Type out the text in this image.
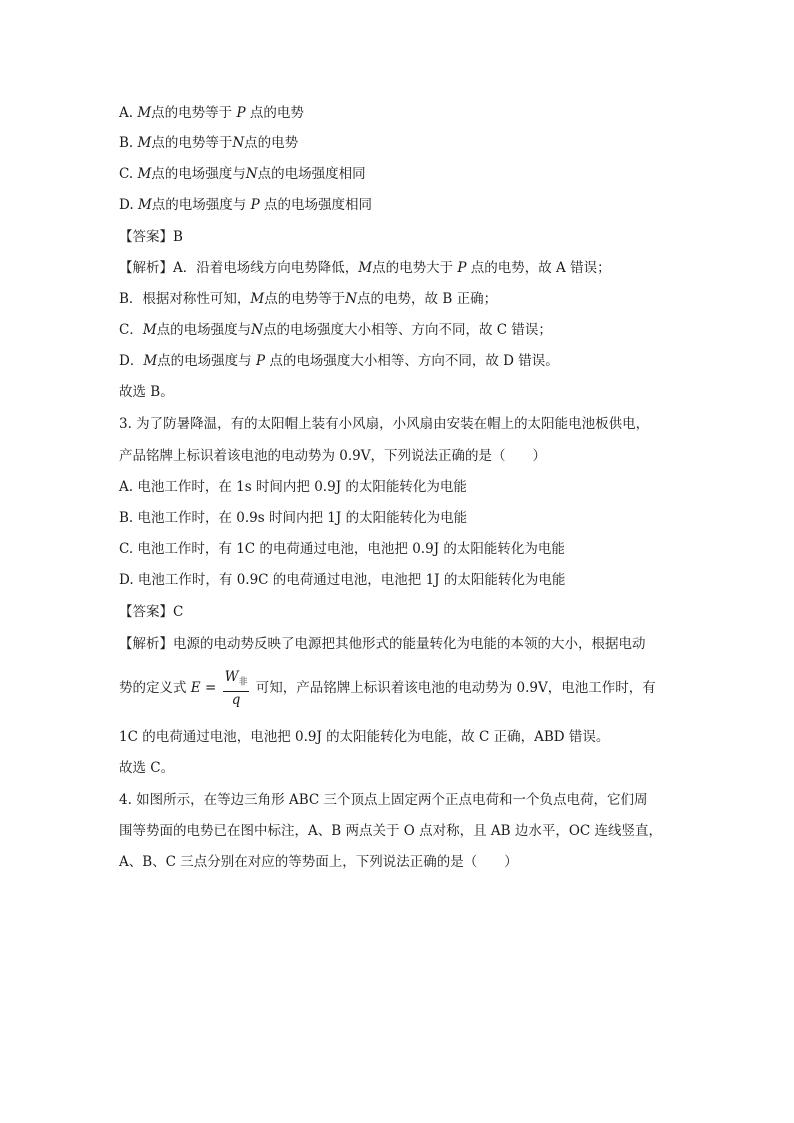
A. M点的电势等于 P 点的电势
B. M点的电势等于N点的电势
C. M点的电场强度与N点的电场强度相同
D. M点的电场强度与 P 点的电场强度相同
【答案】B
【解析】A．沿着电场线方向电势降低，M点的电势大于 P 点的电势，故 A 错误；
B．根据对称性可知，M点的电势等于N点的电势，故 B 正确；
C．M点的电场强度与N点的电场强度大小相等、方向不同，故 C 错误；
D．M点的电场强度与 P 点的电场强度大小相等、方向不同，故 D 错误。
故选 B。
3. 为了防暑降温，有的太阳帽上装有小风扇，小风扇由安装在帽上的太阳能电池板供电，
产品铭牌上标识着该电池的电动势为 0.9V，下列说法正确的是（　　）
A. 电池工作时，在 1s 时间内把 0.9J 的太阳能转化为电能
B. 电池工作时，在 0.9s 时间内把 1J 的太阳能转化为电能
C. 电池工作时，有 1C 的电荷通过电池，电池把 0.9J 的太阳能转化为电能
D. 电池工作时，有 0.9C 的电荷通过电池，电池把 1J 的太阳能转化为电能
【答案】C
【解析】电源的电动势反映了电源把其他形式的能量转化为电能的本领的大小，根据电动
势的定义式 $E = \frac{W_非}{q}$ 可知，产品铭牌上标识着该电池的电动势为 0.9V，电池工作时，有
1C 的电荷通过电池，电池把 0.9J 的太阳能转化为电能，故 C 正确，ABD 错误。
故选 C。
4. 如图所示，在等边三角形 ABC 三个顶点上固定两个正点电荷和一个负点电荷，它们周
围等势面的电势已在图中标注，A、B 两点关于 O 点对称，且 AB 边水平，OC 连线竖直，
A、B、C 三点分别在对应的等势面上，下列说法正确的是（　　）
